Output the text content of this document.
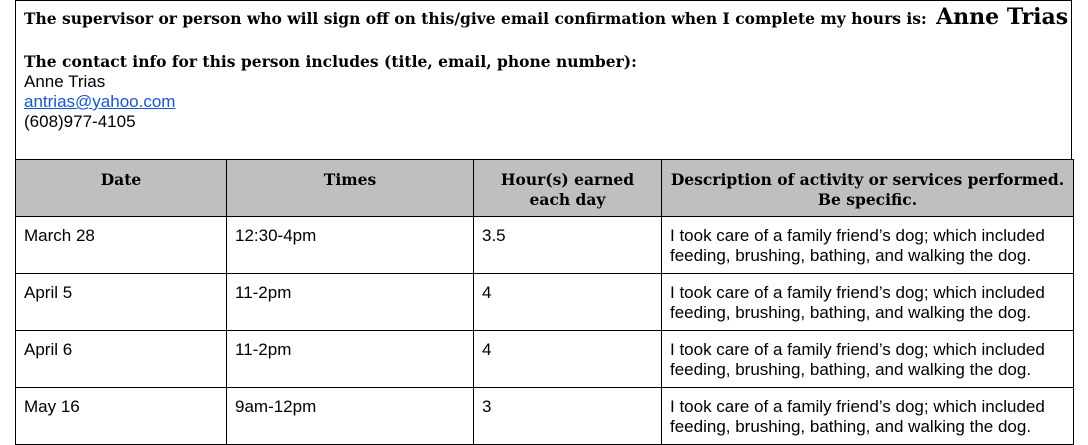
The supervisor or person who will sign off on this/give email confirmation when I complete my hours is: Anne Trias
The contact info for this person includes (title, email, phone number):
Anne Trias
antrias@yahoo.com
(608)977-4105
Date	Times	Hour(s) earned each day	Description of activity or services performed. Be specific.
March 28	12:30-4pm	3.5	I took care of a family friend’s dog; which included feeding, brushing, bathing, and walking the dog.
April 5	11-2pm	4	I took care of a family friend’s dog; which included feeding, brushing, bathing, and walking the dog.
April 6	11-2pm	4	I took care of a family friend’s dog; which included feeding, brushing, bathing, and walking the dog.
May 16	9am-12pm	3	I took care of a family friend’s dog; which included feeding, brushing, bathing, and walking the dog.
